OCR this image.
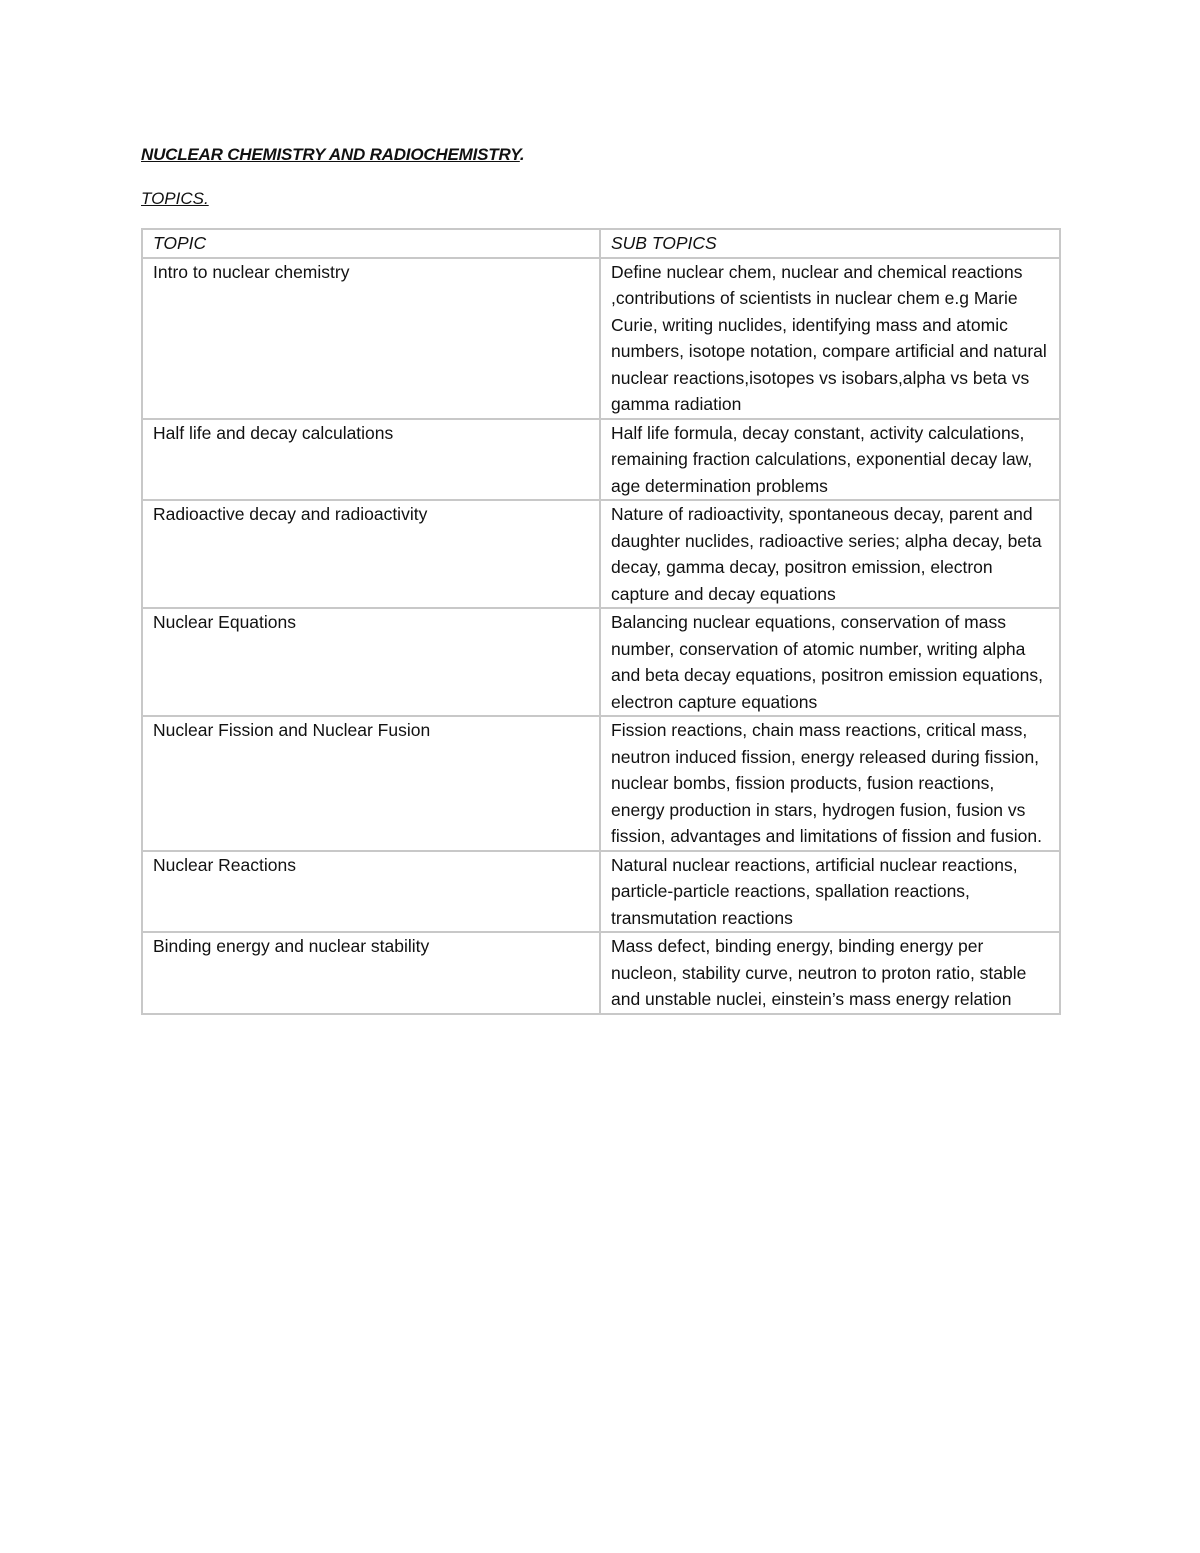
NUCLEAR CHEMISTRY AND RADIOCHEMISTRY.
TOPICS.
TOPIC	SUB TOPICS
Intro to nuclear chemistry	Define nuclear chem, nuclear and chemical reactions ,contributions of scientists in nuclear chem e.g Marie Curie, writing nuclides, identifying mass and atomic numbers, isotope notation, compare artificial and natural nuclear reactions,isotopes vs isobars,alpha vs beta vs gamma radiation
Half life and decay calculations	Half life formula, decay constant, activity calculations, remaining fraction calculations, exponential decay law, age determination problems
Radioactive decay and radioactivity	Nature of radioactivity, spontaneous decay, parent and daughter nuclides, radioactive series; alpha decay, beta decay, gamma decay, positron emission, electron capture and decay equations
Nuclear Equations	Balancing nuclear equations, conservation of mass number, conservation of atomic number, writing alpha and beta decay equations, positron emission equations, electron capture equations
Nuclear Fission and Nuclear Fusion	Fission reactions, chain mass reactions, critical mass, neutron induced fission, energy released during fission, nuclear bombs, fission products, fusion reactions, energy production in stars, hydrogen fusion, fusion vs fission, advantages and limitations of fission and fusion.
Nuclear Reactions	Natural nuclear reactions, artificial nuclear reactions, particle-particle reactions, spallation reactions, transmutation reactions
Binding energy and nuclear stability	Mass defect, binding energy, binding energy per nucleon, stability curve, neutron to proton ratio, stable and unstable nuclei, einstein’s mass energy relation
